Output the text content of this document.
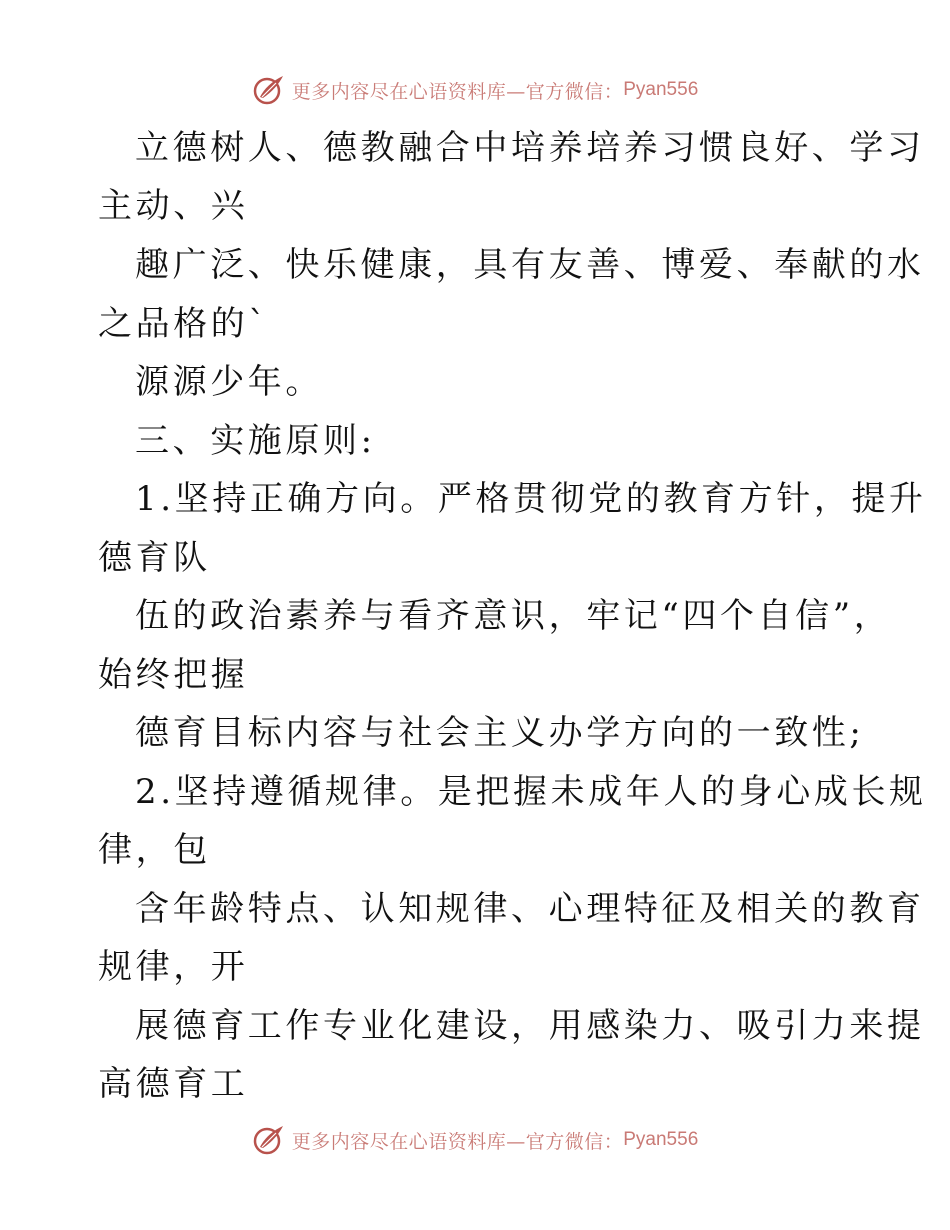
更多内容尽在心语资料库—官方微信： Pyan556
立德树人、德教融合中培养培养习惯良好、学习
主动、兴
趣广泛、快乐健康，具有友善、博爱、奉献的水
之品格的`
源源少年。
三、实施原则:
1.坚持正确方向。严格贯彻党的教育方针，提升
德育队
伍的政治素养与看齐意识，牢记“四个自信”，
始终把握
德育目标内容与社会主义办学方向的一致性;
2.坚持遵循规律。是把握未成年人的身心成长规
律，包
含年龄特点、认知规律、心理特征及相关的教育
规律，开
展德育工作专业化建设，用感染力、吸引力来提
高德育工
更多内容尽在心语资料库—官方微信： Pyan556
